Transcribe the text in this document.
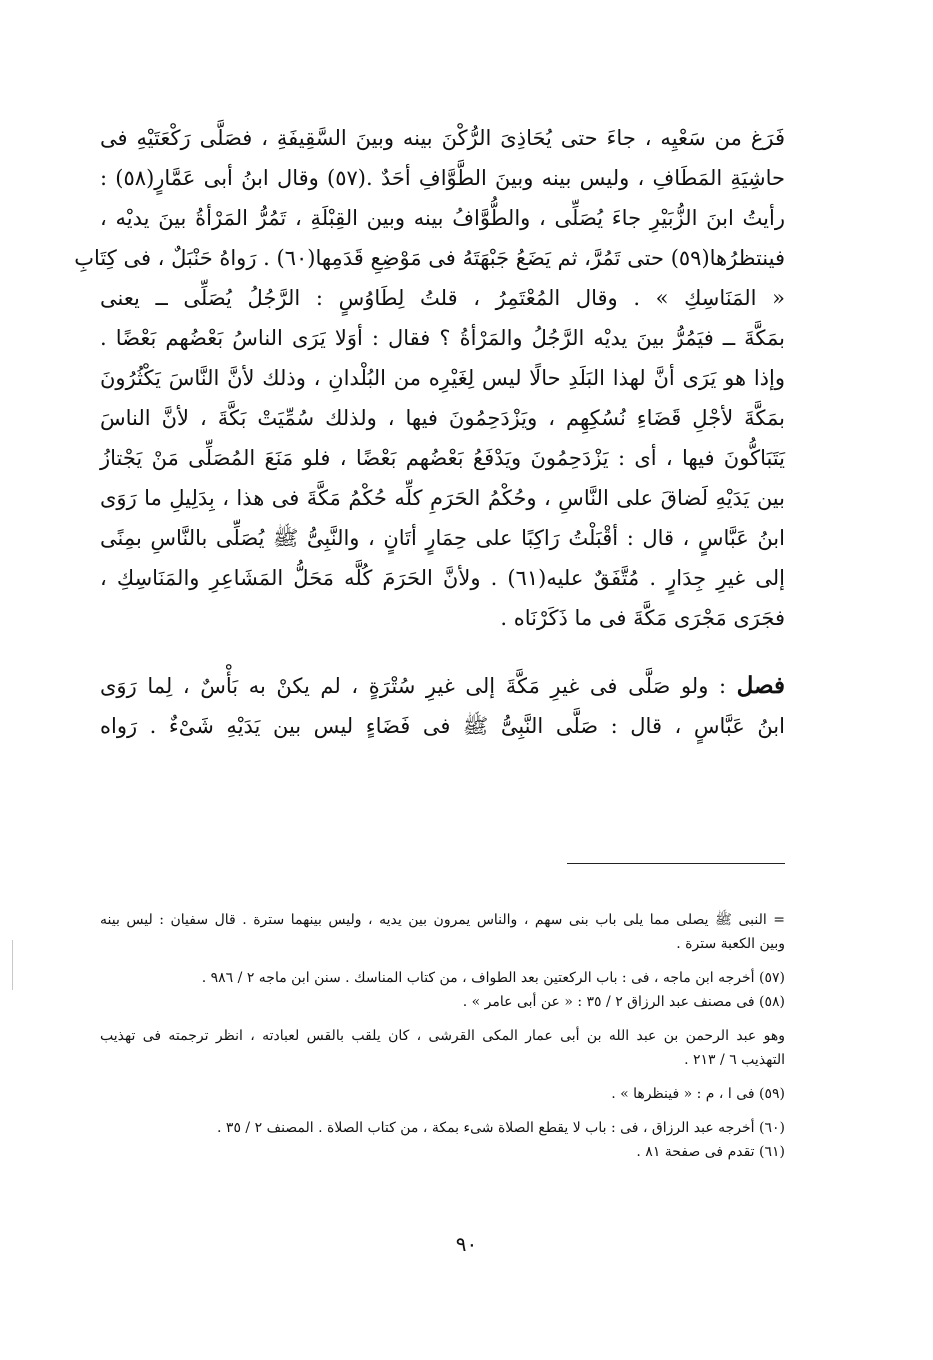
فَرَغ من سَعْيِه ، جاءَ حتى يُحَاذِىَ الرُّكْنَ بينه وبينَ السَّقِيفَةِ ، فصَلَّى رَكْعَتَيْهِ فى
حاشِيَةِ المَطَافِ ، وليس بينه وبينَ الطَّوَّافِ أحَدٌ .(٥٧) وقال ابنُ أبى عَمَّارٍ(٥٨) :
رأيتُ ابنَ الزُّبَيْرِ جاءَ يُصَلِّى ، والطُّوَّافُ بينه وبين القِبْلَةِ ، تَمُرُّ المَرْأةُ بينَ يديْه ،
فينتظرُها(٥٩) حتى تَمُرَّ، ثم يَضَعُ جَبْهَتَهُ فى مَوْضِعِ قَدَمِها(٦٠) . رَواهُ حَنْبَلٌ ، فى كِتَابِ
« المَنَاسِكِ » . وقال المُعْتَمِرُ ، قلتُ لِطَاوُسٍ : الرَّجُلُ يُصَلِّى ــ يعنى
بمَكَّةَ ــ فيَمُرُّ بينَ يديْه الرَّجُلُ والمَرْأةُ ؟ فقال : أوَلا يَرَى الناسُ بَعْضُهم بَعْضًا .
وإذا هو يَرَى أنَّ لهذا البَلَدِ حالًا ليس لِغَيْرِه من البُلْدانِ ، وذلك لأنَّ النَّاسَ يَكْثُرُونَ
بمَكَّةَ لأجْلِ قَضَاءِ نُسُكِهِم ، ويَزْدَحِمُونَ فيها ، ولذلك سُمِّيَتْ بَكَّةَ ، لأنَّ الناسَ
يَتَبَاكُّونَ فيها ، أى : يَزْدَحِمُونَ ويَدْفَعُ بَعْضُهم بَعْضًا ، فلو مَنَعَ المُصَلِّى مَنْ يَجْتازُ
بين يَدَيْهِ لَضاقَ على النَّاسِ ، وحُكْمُ الحَرَمِ كلِّه حُكْمُ مَكَّةَ فى هذا ، بِدَلِيلِ ما رَوَى
ابنُ عَبَّاسٍ ، قال : أقْبَلْتُ رَاكِبًا على حِمَارٍ أتَانٍ ، والنَّبِىُّ ﷺ يُصَلِّى بالنَّاسِ بمِنًى
إلى غيرِ جِدَارٍ . مُتَّفَقٌ عليه(٦١) . ولأنَّ الحَرَمَ كُلَّه مَحَلُّ المَشَاعِرِ والمَنَاسِكِ ،
فجَرَى مَجْرَى مَكَّةَ فى ما ذَكَرْنَاه .
فصل : ولو صَلَّى فى غيرِ مَكَّةَ إلى غيرِ سُتْرَةٍ ، لم يكنْ به بَأْسٌ ، لِما رَوَى
ابنُ عَبَّاسٍ ، قال : صَلَّى النَّبِىُّ ﷺ فى فَضَاءٍ ليس بين يَدَيْهِ شَىْءٌ . رَواه
= النبى ﷺ يصلى مما يلى باب بنى سهم ، والناس يمرون بين يديه ، وليس بينهما سترة . قال سفيان : ليس بينه
وبين الكعبة سترة .
(٥٧) أخرجه ابن ماجه ، فى : باب الركعتين بعد الطواف ، من كتاب المناسك . سنن ابن ماجه ٢ / ٩٨٦ .
(٥٨) فى مصنف عبد الرزاق ٢ / ٣٥ : « عن أبى عامر » .
وهو عبد الرحمن بن عبد الله بن أبى عمار المكى القرشى ، كان يلقب بالقس لعبادته ، انظر ترجمته فى تهذيب
التهذيب ٦ / ٢١٣ .
(٥٩) فى ا ، م : « فينظرها » .
(٦٠) أخرجه عبد الرزاق ، فى : باب لا يقطع الصلاة شىء بمكة ، من كتاب الصلاة . المصنف ٢ / ٣٥ .
(٦١) تقدم فى صفحة ٨١ .
٩٠
